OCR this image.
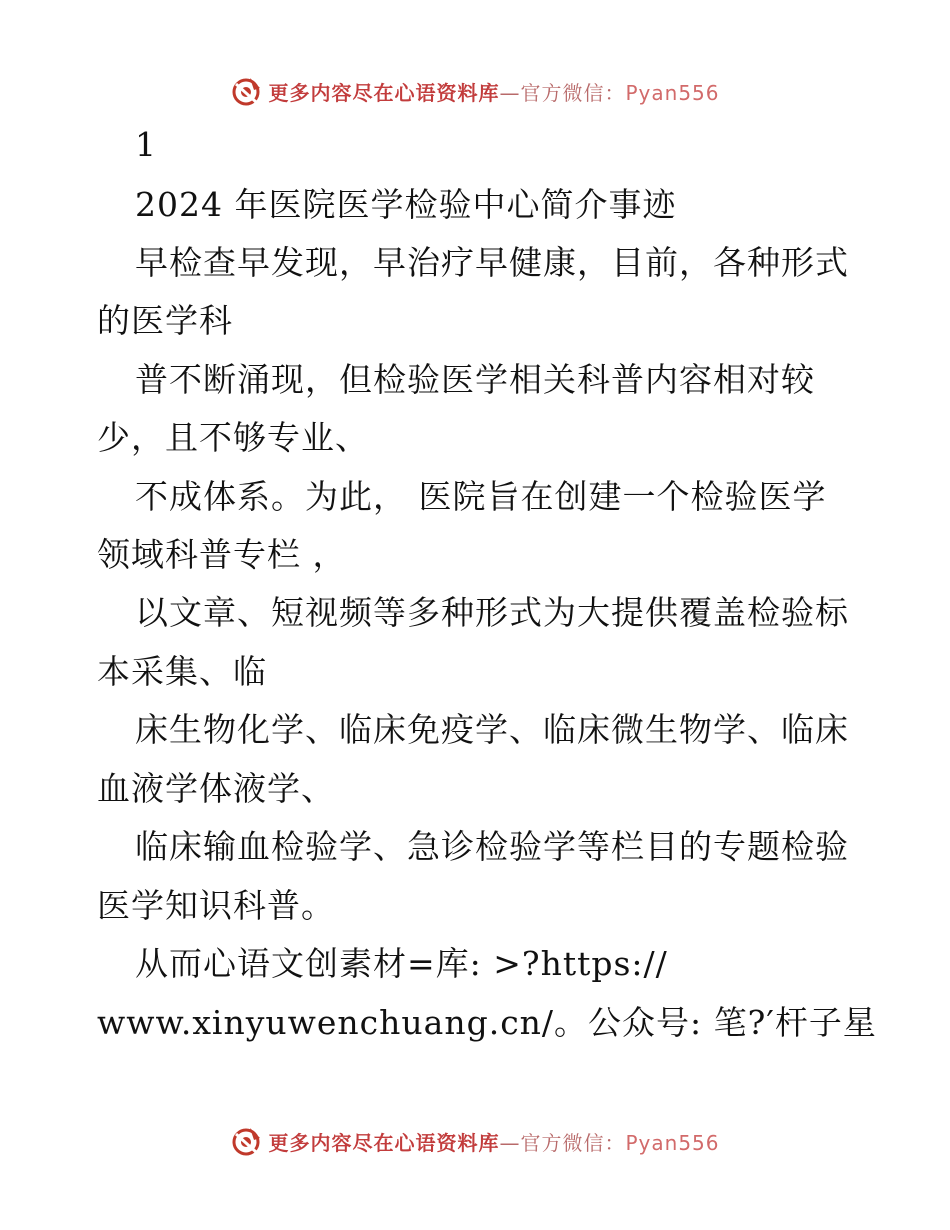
更多内容尽在心语资料库—官方微信：Pyan556
1
2024 年医院医学检验中心简介事迹
早检查早发现，早治疗早健康，目前，各种形式
的医学科
普不断涌现，但检验医学相关科普内容相对较
少，且不够专业、
不成体系。为此， 医院旨在创建一个检验医学
领域科普专栏 ，
以文章、短视频等多种形式为大提供覆盖检验标
本采集、临
床生物化学、临床免疫学、临床微生物学、临床
血液学体液学、
临床输血检验学、急诊检验学等栏目的专题检验
医学知识科普。
从而心语文创素材=库: >?https://
www.xinyuwenchuang.cn/。公众号: 笔?′杆子星
更多内容尽在心语资料库—官方微信：Pyan556
